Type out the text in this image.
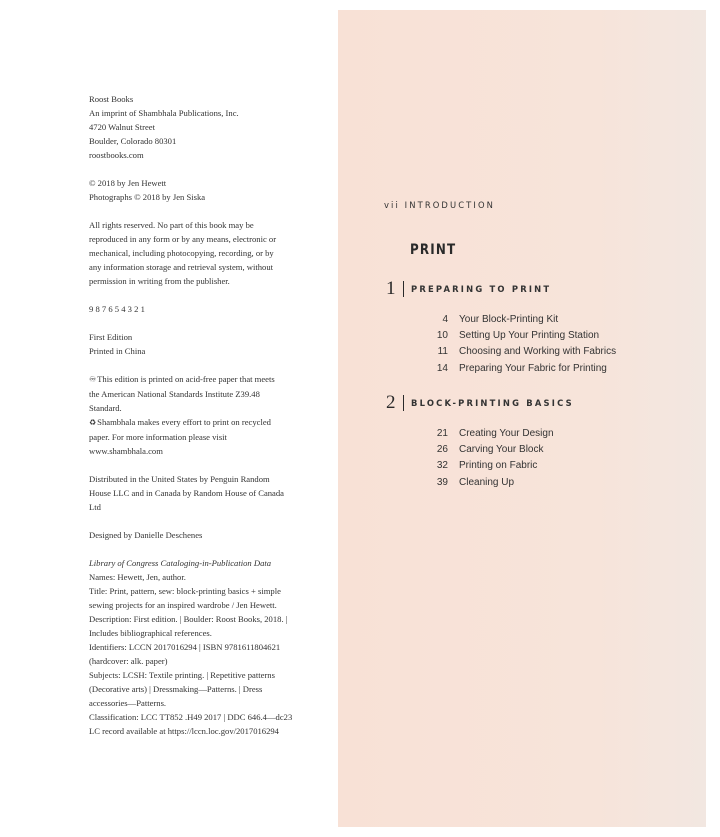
Roost Books
An imprint of Shambhala Publications, Inc.
4720 Walnut Street
Boulder, Colorado 80301
roostbooks.com
© 2018 by Jen Hewett
Photographs © 2018 by Jen Siska
All rights reserved. No part of this book may be
reproduced in any form or by any means, electronic or
mechanical, including photocopying, recording, or by
any information storage and retrieval system, without
permission in writing from the publisher.
9 8 7 6 5 4 3 2 1
First Edition
Printed in China
♾This edition is printed on acid-free paper that meets
the American National Standards Institute Z39.48
Standard.
♻Shambhala makes every effort to print on recycled
paper. For more information please visit
www.shambhala.com
Distributed in the United States by Penguin Random
House LLC and in Canada by Random House of Canada
Ltd
Designed by Danielle Deschenes
Library of Congress Cataloging-in-Publication Data
Names: Hewett, Jen, author.
Title: Print, pattern, sew: block-printing basics + simple
sewing projects for an inspired wardrobe / Jen Hewett.
Description: First edition. | Boulder: Roost Books, 2018. |
Includes bibliographical references.
Identifiers: LCCN 2017016294 | ISBN 9781611804621
(hardcover: alk. paper)
Subjects: LCSH: Textile printing. | Repetitive patterns
(Decorative arts) | Dressmaking—Patterns. | Dress
accessories—Patterns.
Classification: LCC TT852 .H49 2017 | DDC 646.4—dc23
LC record available at https://lccn.loc.gov/2017016294
vii INTRODUCTION
PRINT
1	PREPARING TO PRINT
4 Your Block-Printing Kit
10 Setting Up Your Printing Station
11 Choosing and Working with Fabrics
14 Preparing Your Fabric for Printing
2	BLOCK-PRINTING BASICS
21 Creating Your Design
26 Carving Your Block
32 Printing on Fabric
39 Cleaning Up
